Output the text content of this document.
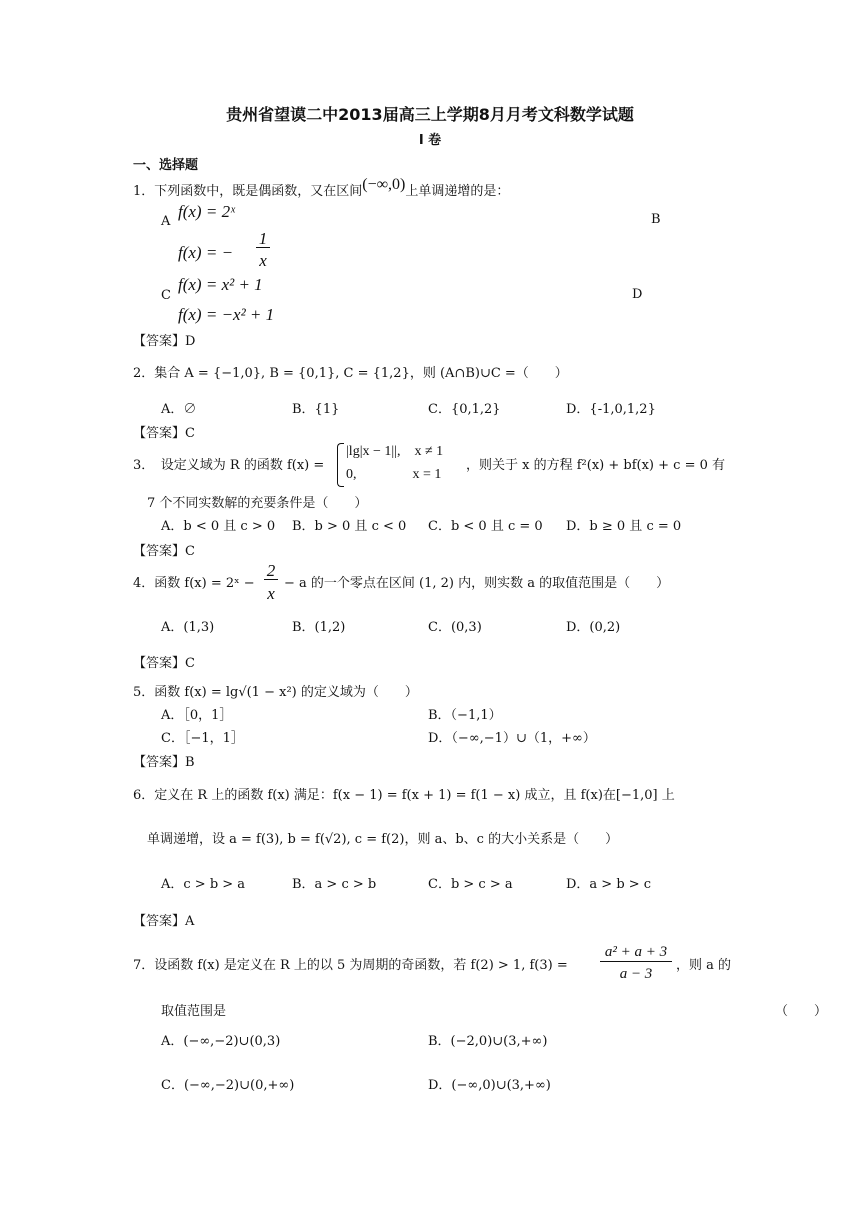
贵州省望谟二中2013届高三上学期8月月考文科数学试题
I 卷
一、选择题
1．下列函数中，既是偶函数，又在区间(−∞,0)上单调递增的是：
A
f(x) = 2ˣ	B
f(x) = −
1
x
C
f(x) = x² + 1
D
f(x) = −x² + 1
【答案】D
2．集合 A = {−1,0}, B = {0,1}, C = {1,2}，则 (A∩B)∪C =（　　）
A．∅	B．{1}	C．{0,1,2}	D．{-1,0,1,2}
【答案】C
3．　设定义域为 R 的函数 f(x) =
|lg|x − 1||,　x ≠ 1
0,　　　　x = 1
，则关于 x 的方程 f²(x) + bf(x) + c = 0 有
7 个不同实数解的充要条件是（　　）
A．b < 0 且 c > 0 B．b > 0 且 c < 0 C．b < 0 且 c = 0 D．b ≥ 0 且 c = 0
【答案】C
4．函数 f(x) = 2ˣ −
2
x
− a 的一个零点在区间 (1, 2) 内，则实数 a 的取值范围是（　　）
A．(1,3)	B．(1,2)	C．(0,3)	D．(0,2)
【答案】C
5．函数 f(x) = lg√(1 − x²) 的定义域为（　　）
A．［0，1］	B．（−1,1）
C．［−1，1］	D．（−∞,−1）∪（1，+∞）
【答案】B
6．定义在 R 上的函数 f(x) 满足：f(x − 1) = f(x + 1) = f(1 − x) 成立，且 f(x)在[−1,0] 上
单调递增，设 a = f(3), b = f(√2), c = f(2)，则 a、b、c 的大小关系是（　　）
A．c > b > a	B．a > c > b	C．b > c > a	D．a > b > c
【答案】A
7．设函数 f(x) 是定义在 R 上的以 5 为周期的奇函数，若 f(2) > 1, f(3) =
a² + a + 3
a − 3
，则 a 的
取值范围是	（　　）
A．(−∞,−2)∪(0,3)	B．(−2,0)∪(3,+∞)
C．(−∞,−2)∪(0,+∞)	D．(−∞,0)∪(3,+∞)
